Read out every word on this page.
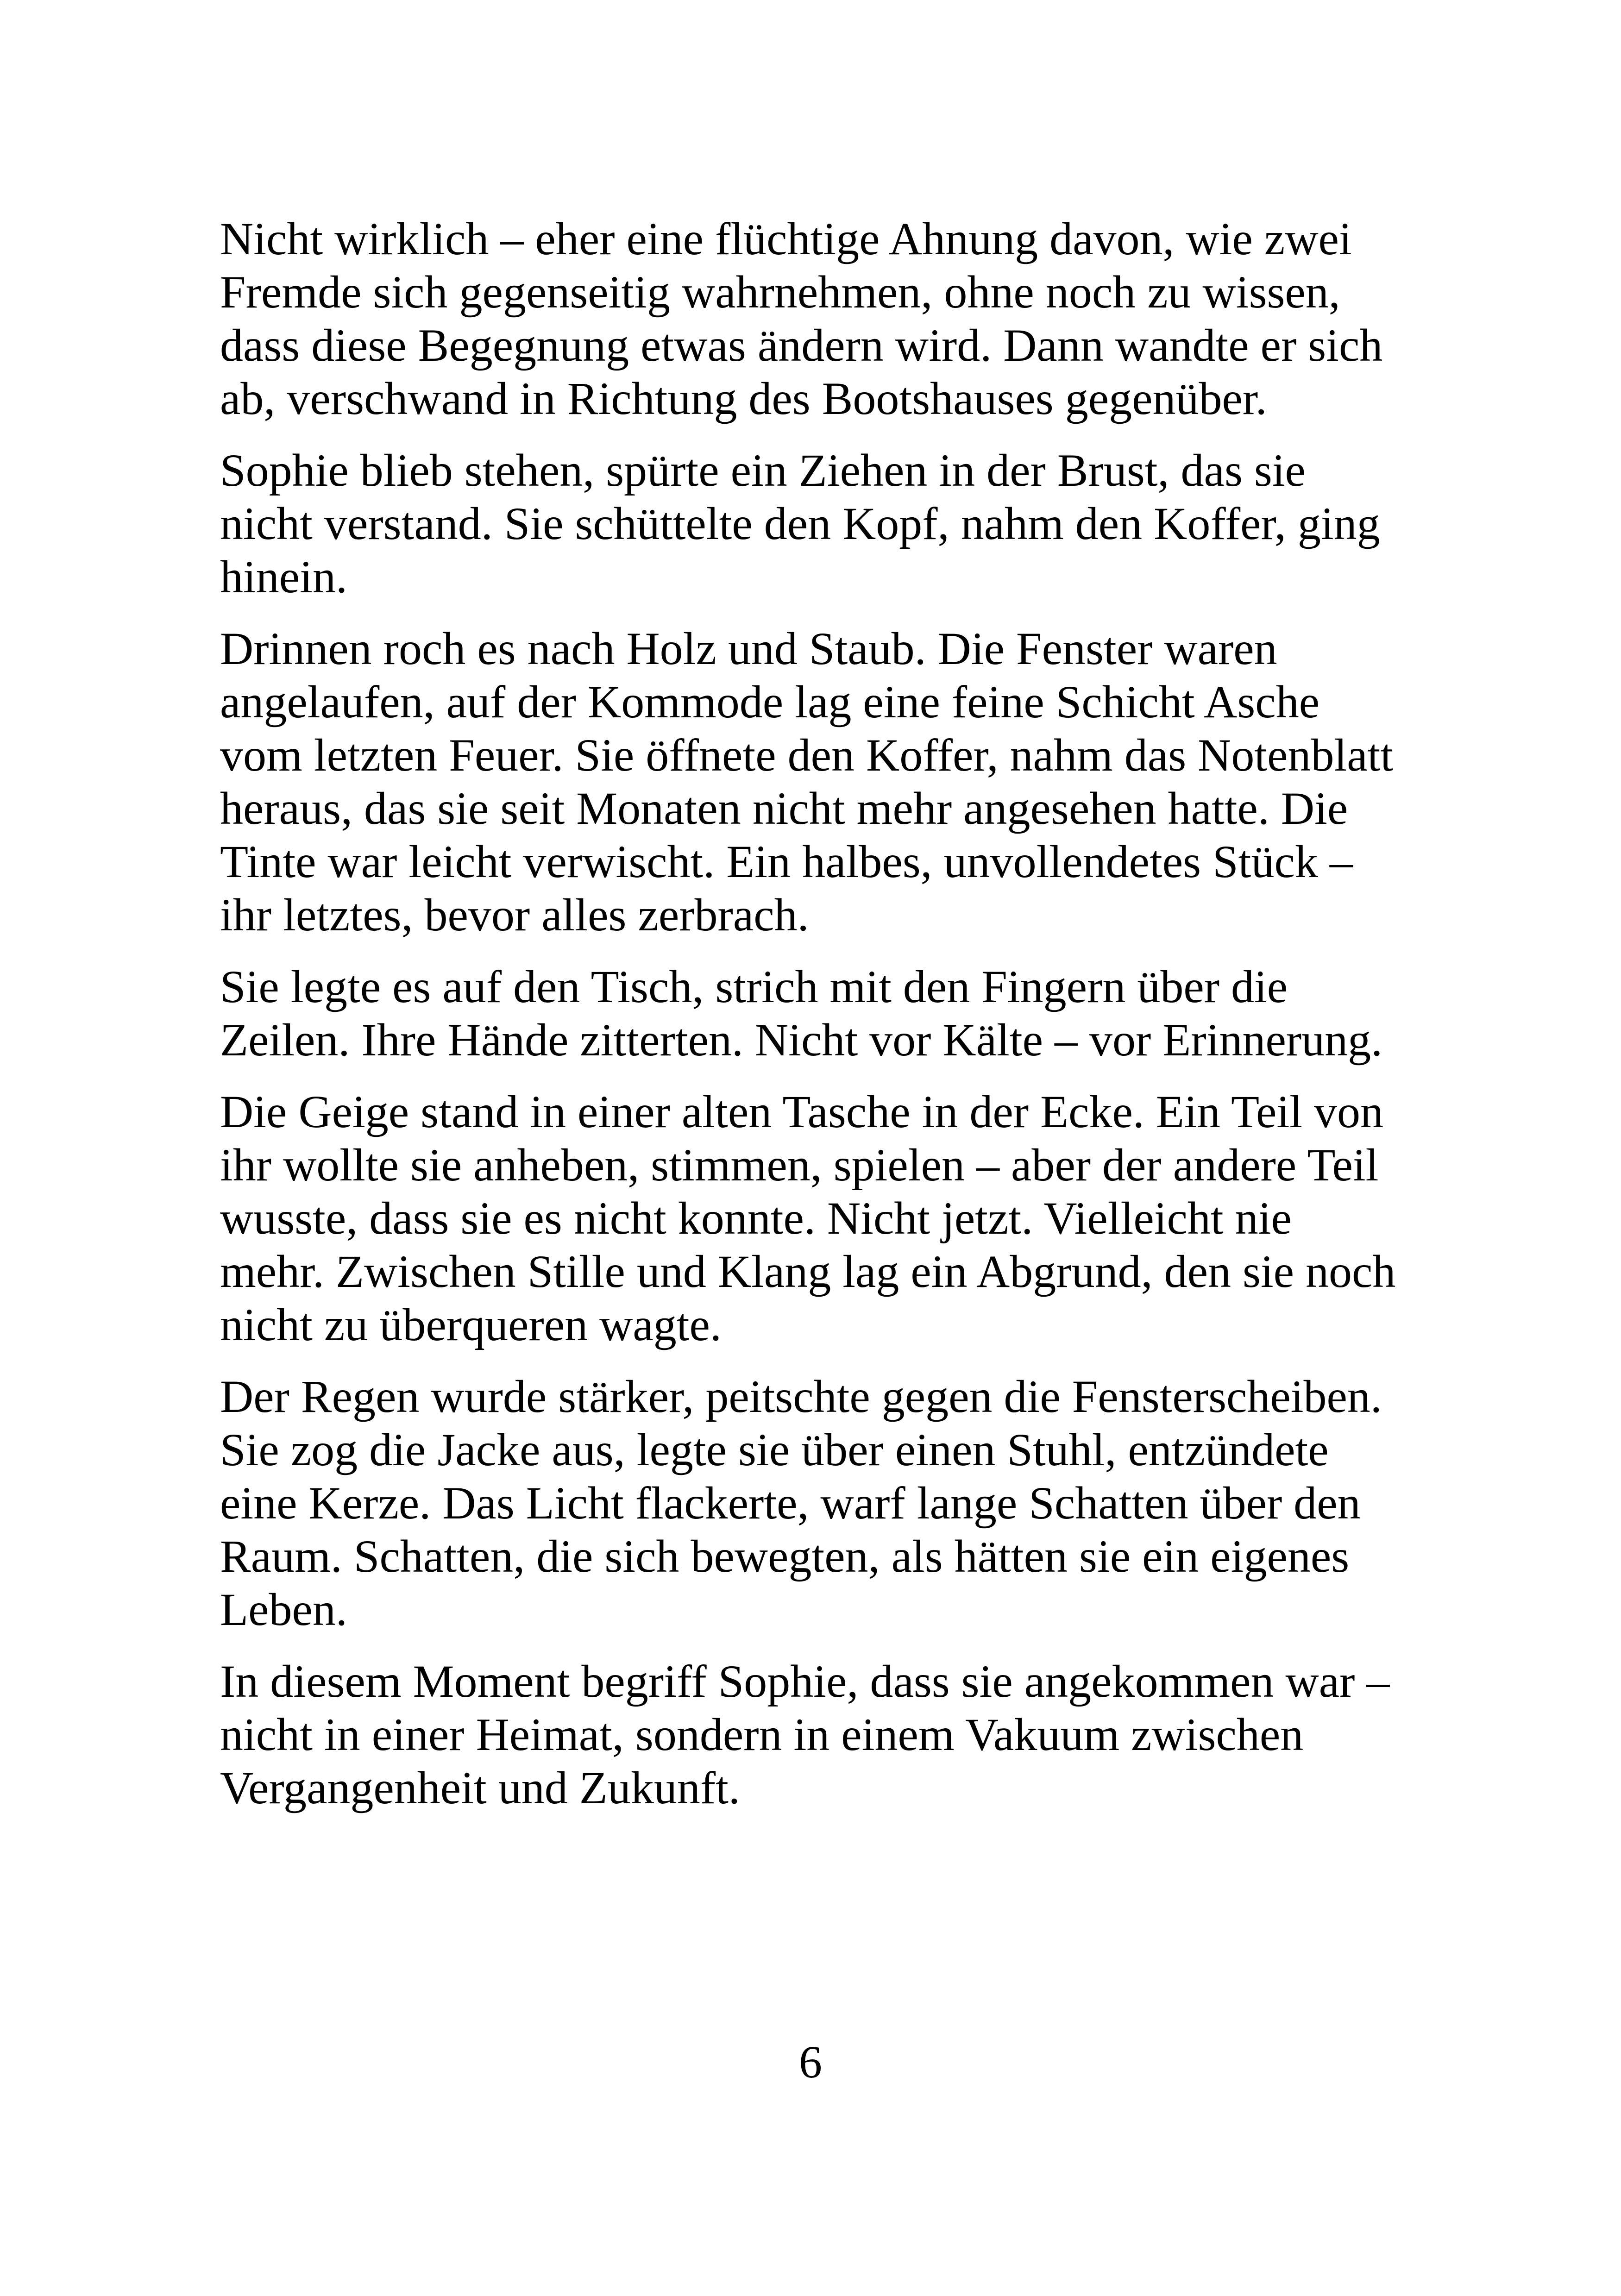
Nicht wirklich – eher eine flüchtige Ahnung davon, wie zwei
Fremde sich gegenseitig wahrnehmen, ohne noch zu wissen,
dass diese Begegnung etwas ändern wird. Dann wandte er sich
ab, verschwand in Richtung des Bootshauses gegenüber.

Sophie blieb stehen, spürte ein Ziehen in der Brust, das sie
nicht verstand. Sie schüttelte den Kopf, nahm den Koffer, ging
hinein.

Drinnen roch es nach Holz und Staub. Die Fenster waren
angelaufen, auf der Kommode lag eine feine Schicht Asche
vom letzten Feuer. Sie öffnete den Koffer, nahm das Notenblatt
heraus, das sie seit Monaten nicht mehr angesehen hatte. Die
Tinte war leicht verwischt. Ein halbes, unvollendetes Stück –
ihr letztes, bevor alles zerbrach.

Sie legte es auf den Tisch, strich mit den Fingern über die
Zeilen. Ihre Hände zitterten. Nicht vor Kälte – vor Erinnerung.

Die Geige stand in einer alten Tasche in der Ecke. Ein Teil von
ihr wollte sie anheben, stimmen, spielen – aber der andere Teil
wusste, dass sie es nicht konnte. Nicht jetzt. Vielleicht nie
mehr. Zwischen Stille und Klang lag ein Abgrund, den sie noch
nicht zu überqueren wagte.

Der Regen wurde stärker, peitschte gegen die Fensterscheiben.
Sie zog die Jacke aus, legte sie über einen Stuhl, entzündete
eine Kerze. Das Licht flackerte, warf lange Schatten über den
Raum. Schatten, die sich bewegten, als hätten sie ein eigenes
Leben.

In diesem Moment begriff Sophie, dass sie angekommen war –
nicht in einer Heimat, sondern in einem Vakuum zwischen
Vergangenheit und Zukunft.

6
